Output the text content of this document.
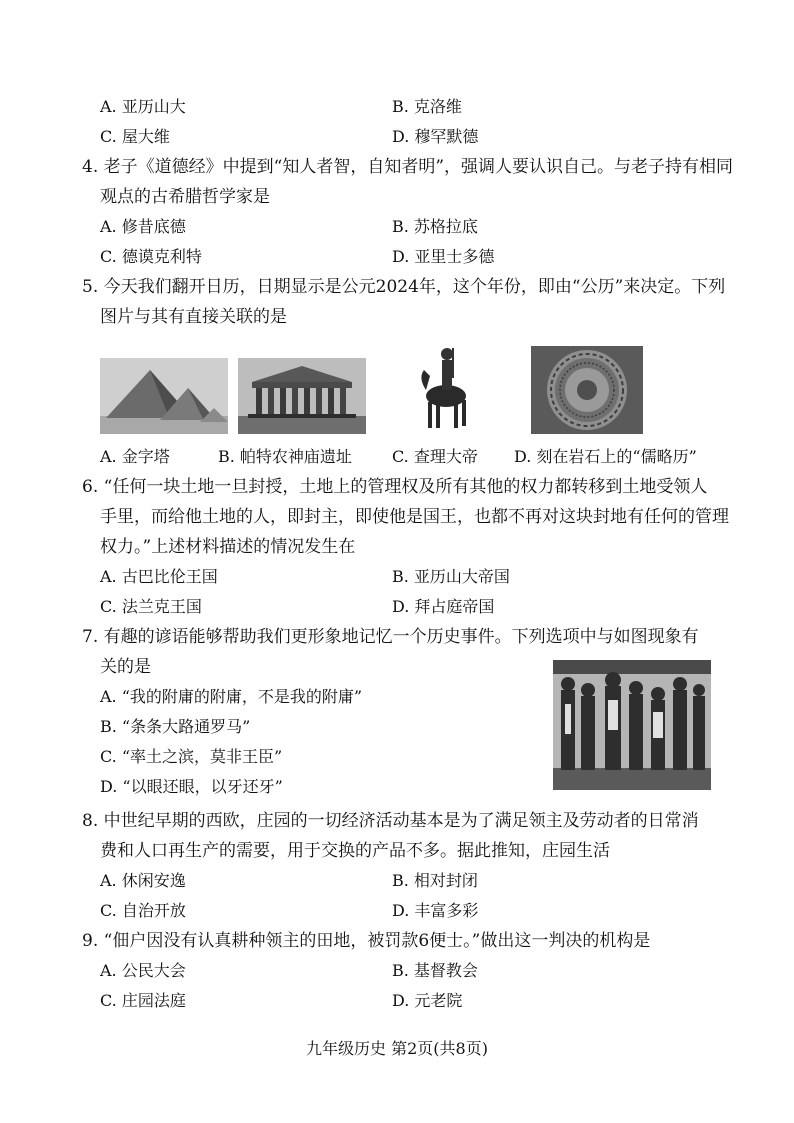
A. 亚历山大	B. 克洛维
C. 屋大维	D. 穆罕默德
4. 老子《道德经》中提到“知人者智，自知者明”，强调人要认识自己。与老子持有相同
观点的古希腊哲学家是
A. 修昔底德	B. 苏格拉底
C. 德谟克利特	D. 亚里士多德
5. 今天我们翻开日历，日期显示是公元2024年，这个年份，即由“公历”来决定。下列
图片与其有直接关联的是
A. 金字塔	B. 帕特农神庙遗址	C. 查理大帝 D. 刻在岩石上的“儒略历”
6. “任何一块土地一旦封授，土地上的管理权及所有其他的权力都转移到土地受领人
手里，而给他土地的人，即封主，即使他是国王，也都不再对这块封地有任何的管理
权力。”上述材料描述的情况发生在
A. 古巴比伦王国	B. 亚历山大帝国
C. 法兰克王国	D. 拜占庭帝国
7. 有趣的谚语能够帮助我们更形象地记忆一个历史事件。下列选项中与如图现象有
关的是
A. “我的附庸的附庸，不是我的附庸”
B. “条条大路通罗马”
C. “率土之滨，莫非王臣”
D. “以眼还眼，以牙还牙”
8. 中世纪早期的西欧，庄园的一切经济活动基本是为了满足领主及劳动者的日常消
费和人口再生产的需要，用于交换的产品不多。据此推知，庄园生活
A. 休闲安逸	B. 相对封闭
C. 自治开放	D. 丰富多彩
9. “佃户因没有认真耕种领主的田地，被罚款6便士。”做出这一判决的机构是
A. 公民大会	B. 基督教会
C. 庄园法庭	D. 元老院
九年级历史 第2页(共8页)
